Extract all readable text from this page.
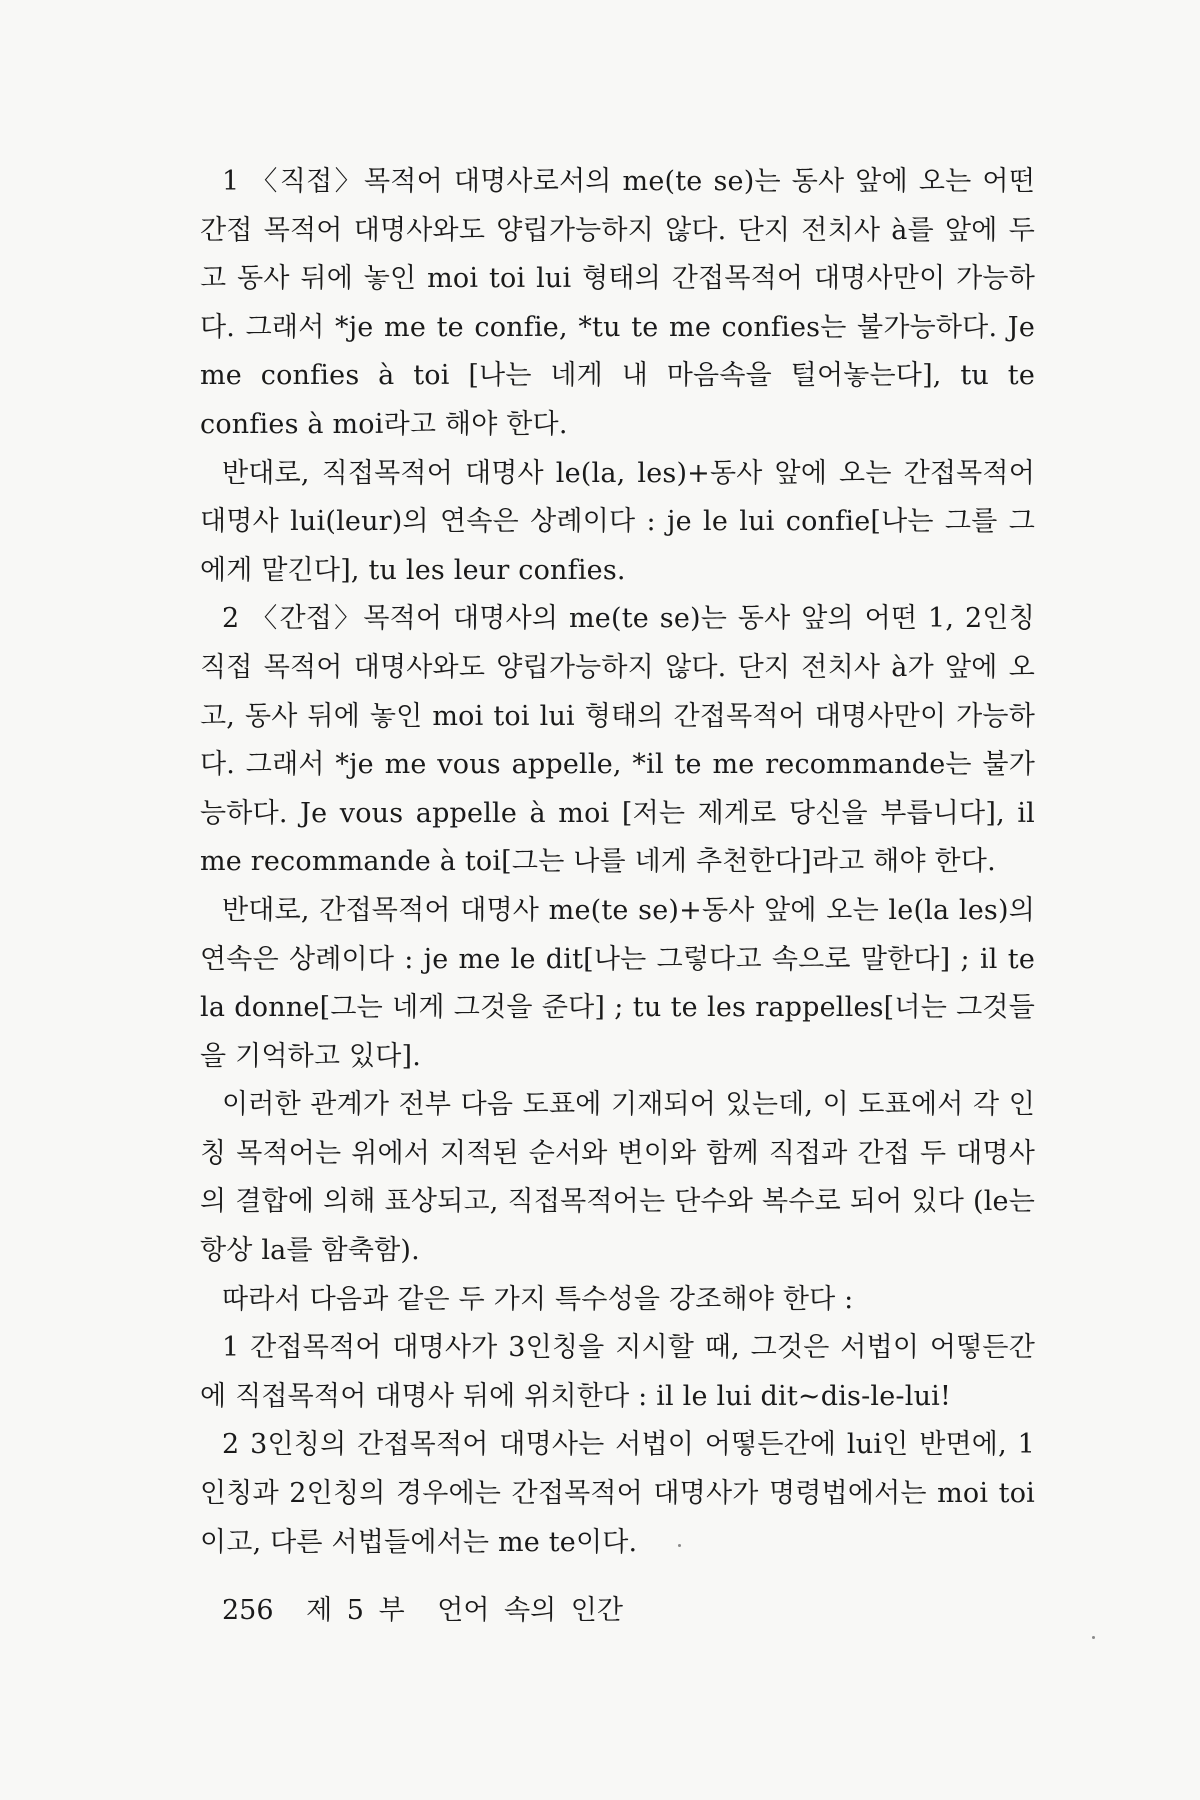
1 〈직접〉목적어 대명사로서의 me(te se)는 동사 앞에 오는 어떤 간접 목적어 대명사와도 양립가능하지 않다. 단지 전치사 à를 앞에 두고 동사 뒤에 놓인 moi toi lui 형태의 간접목적어 대명사만이 가능하다. 그래서 *je me te confie, *tu te me confies는 불가능하다. Je me confies à toi [나는 네게 내 마음속을 털어놓는다], tu te confies à moi라고 해야 한다.

반대로, 직접목적어 대명사 le(la, les)+동사 앞에 오는 간접목적어 대명사 lui(leur)의 연속은 상례이다 : je le lui confie[나는 그를 그에게 맡긴다], tu les leur confies.

2 〈간접〉목적어 대명사의 me(te se)는 동사 앞의 어떤 1, 2인칭 직접 목적어 대명사와도 양립가능하지 않다. 단지 전치사 à가 앞에 오고, 동사 뒤에 놓인 moi toi lui 형태의 간접목적어 대명사만이 가능하다. 그래서 *je me vous appelle, *il te me recommande는 불가능하다. Je vous appelle à moi [저는 제게로 당신을 부릅니다], il me recommande à toi[그는 나를 네게 추천한다]라고 해야 한다.

반대로, 간접목적어 대명사 me(te se)+동사 앞에 오는 le(la les)의 연속은 상례이다 : je me le dit[나는 그렇다고 속으로 말한다] ; il te la donne[그는 네게 그것을 준다] ; tu te les rappelles[너는 그것들을 기억하고 있다].

이러한 관계가 전부 다음 도표에 기재되어 있는데, 이 도표에서 각 인칭 목적어는 위에서 지적된 순서와 변이와 함께 직접과 간접 두 대명사의 결합에 의해 표상되고, 직접목적어는 단수와 복수로 되어 있다 (le는 항상 la를 함축함).

따라서 다음과 같은 두 가지 특수성을 강조해야 한다 :

1 간접목적어 대명사가 3인칭을 지시할 때, 그것은 서법이 어떻든간에 직접목적어 대명사 뒤에 위치한다 : il le lui dit~dis-le-lui!

2 3인칭의 간접목적어 대명사는 서법이 어떻든간에 lui인 반면에, 1인칭과 2인칭의 경우에는 간접목적어 대명사가 명령법에서는 moi toi이고, 다른 서법들에서는 me te이다.

256 제 5 부 언어 속의 인간
